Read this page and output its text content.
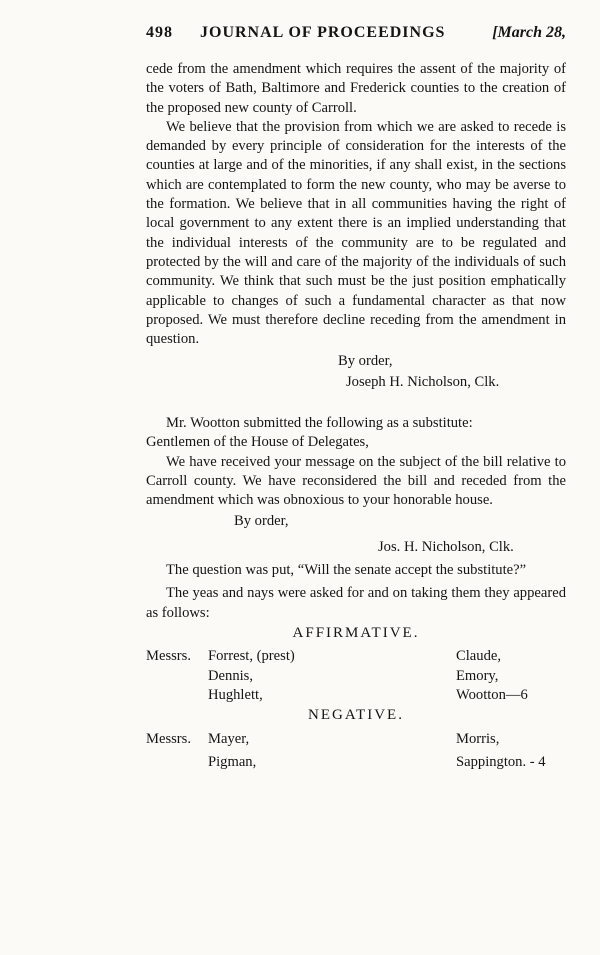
498 JOURNAL OF PROCEEDINGS	[March 28,

cede from the amendment which requires the assent of the majority of the voters of Bath, Baltimore and Frederick counties to the creation of the proposed new county of Carroll.

We believe that the provision from which we are asked to recede is demanded by every principle of consideration for the interests of the counties at large and of the minorities, if any shall exist, in the sections which are contemplated to form the new county, who may be averse to the formation. We believe that in all communities having the right of local government to any extent there is an implied understanding that the individual interests of the community are to be regulated and protected by the will and care of the majority of the individuals of such community. We think that such must be the just position emphatically applicable to changes of such a fundamental character as that now proposed. We must therefore decline receding from the amendment in question.

By order,

Joseph H. Nicholson, Clk.

Mr. Wootton submitted the following as a substitute:

Gentlemen of the House of Delegates,

We have received your message on the subject of the bill relative to Carroll county. We have reconsidered the bill and receded from the amendment which was obnoxious to your honorable house.

By order,

Jos. H. Nicholson, Clk.

The question was put, “Will the senate accept the substitute?”

The yeas and nays were asked for and on taking them they appeared as follows:

AFFIRMATIVE.

Messrs. Forrest, (prest)	Claude,
Dennis,	Emory,
Hughlett,	Wootton—6

NEGATIVE.

Messrs. Mayer,	Morris,
Pigman,	Sappington. - 4
